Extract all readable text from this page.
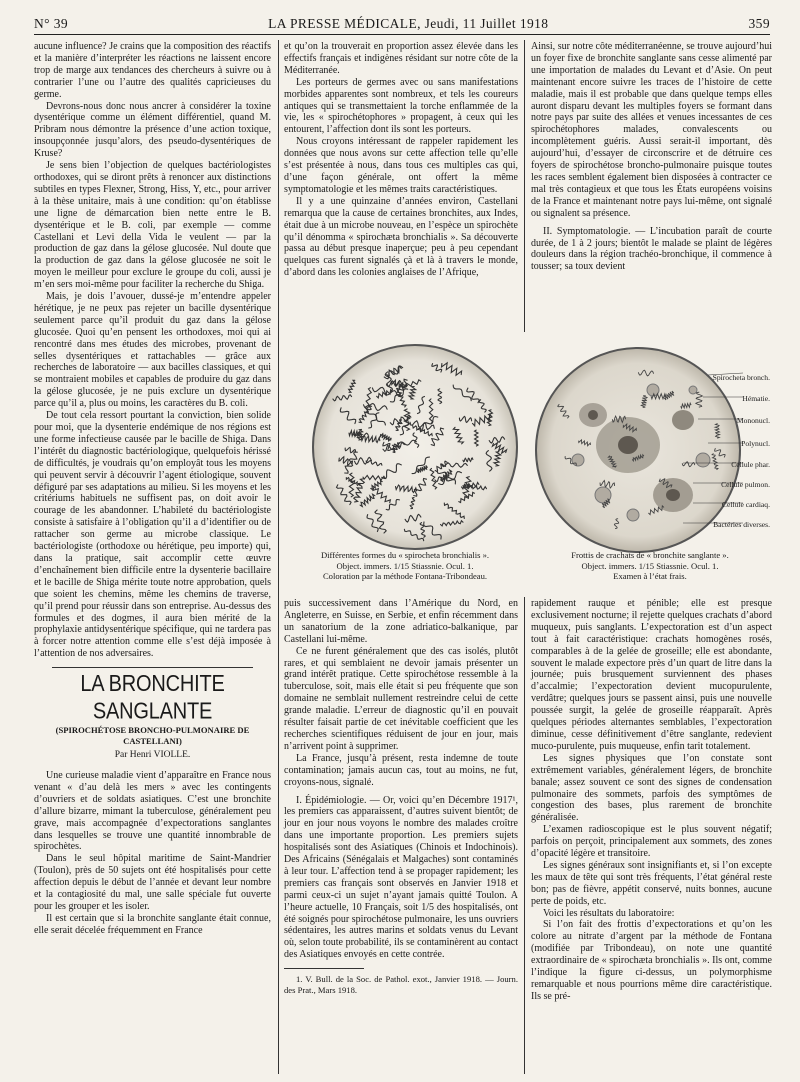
N° 39	LA PRESSE MÉDICALE, Jeudi, 11 Juillet 1918	359

aucune influence? Je crains que la composition des réactifs et la manière d’interpréter les réactions ne laissent encore trop de marge aux tendances des chercheurs à suivre ou à contrarier l’une ou l’autre des qualités capricieuses du germe.

Devrons-nous donc nous ancrer à considérer la toxine dysentérique comme un élément différentiel, quand M. Pribram nous démontre la présence d’une action toxique, insoupçonnée jusqu’alors, des pseudo-dysentériques de Kruse?

Je sens bien l’objection de quelques bactériologistes orthodoxes, qui se diront prêts à renoncer aux distinctions subtiles en types Flexner, Strong, Hiss, Y, etc., pour arriver à la thèse unitaire, mais à une condition: qu’on établisse une ligne de démarcation bien nette entre le B. dysentérique et le B. coli, par exemple — comme Castellani et Levi della Vida le veulent — par la production de gaz dans la gélose glucosée. Nul doute que la production de gaz dans la gélose glucosée ne soit le moyen le meilleur pour exclure le groupe du coli, aussi je m’en sers moi-même pour faciliter la recherche du Shiga.

Mais, je dois l’avouer, dussé-je m’entendre appeler hérétique, je ne peux pas rejeter un bacille dysentérique seulement parce qu’il produit du gaz dans la gélose glucosée. Quoi qu’en pensent les orthodoxes, moi qui ai rencontré dans mes études des microbes, provenant de selles dysentériques et rattachables — grâce aux recherches de laboratoire — aux bacilles classiques, et qui se montraient mobiles et capables de produire du gaz dans la gélose glucosée, je ne puis exclure un dysentérique parce qu’il a, plus ou moins, les caractères du B. coli.

De tout cela ressort pourtant la conviction, bien solide pour moi, que la dysenterie endémique de nos régions est une forme infectieuse causée par le bacille de Shiga. Dans l’intérêt du diagnostic bactériologique, quelquefois hérissé de difficultés, je voudrais qu’on employât tous les moyens qui peuvent servir à découvrir l’agent étiologique, souvent défiguré par ses adaptations au milieu. Si les moyens et les critériums habituels ne suffisent pas, on doit avoir le courage de les abandonner. L’habileté du bactériologiste consiste à satisfaire à l’obligation qu’il a d’identifier ou de rattacher son germe au microbe classique. Le bactériologiste (orthodoxe ou hérétique, peu importe) qui, dans la pratique, sait accomplir cette œuvre d’enchaînement bien difficile entre la dysenterie bacillaire et le bacille de Shiga mérite toute notre approbation, quels que soient les chemins, même les chemins de traverse, qu’il prend pour réussir dans son entreprise. Au-dessus des formules et des dogmes, il aura bien mérité de la prophylaxie antidysentérique spécifique, qui ne tardera pas à forcer notre attention comme elle s’est déjà imposée à l’attention de nos adversaires.

LA BRONCHITE SANGLANTE
(SPIROCHÉTOSE BRONCHO-PULMONAIRE DE CASTELLANI)
Par Henri VIOLLE.

Une curieuse maladie vient d’apparaître en France nous venant « d’au delà les mers » avec les contingents d’ouvriers et de soldats asiatiques. C’est une bronchite d’allure bizarre, mimant la tuberculose, généralement peu grave, mais accompagnée d’expectorations sanglantes dans lesquelles se trouve une quantité innombrable de spirochètes.

Dans le seul hôpital maritime de Saint-Mandrier (Toulon), près de 50 sujets ont été hospitalisés pour cette affection depuis le début de l’année et devant leur nombre et la contagiosité du mal, une salle spéciale fut ouverte pour les grouper et les isoler.

Il est certain que si la bronchite sanglante était connue, elle serait décelée fréquemment en France

et qu’on la trouverait en proportion assez élevée dans les effectifs français et indigènes résidant sur notre côte de la Méditerranée.

Les porteurs de germes avec ou sans manifestations morbides apparentes sont nombreux, et tels les coureurs antiques qui se transmettaient la torche enflammée de la vie, les « spirochétophores » propagent, à ceux qui les entourent, l’affection dont ils sont les porteurs.

Nous croyons intéressant de rappeler rapidement les données que nous avons sur cette affection telle qu’elle s’est présentée à nous, dans tous ces multiples cas qui, d’une façon générale, ont offert la même symptomatologie et les mêmes traits caractéristiques.

Il y a une quinzaine d’années environ, Castellani remarqua que la cause de certaines bronchites, aux Indes, était due à un microbe nouveau, en l’espèce un spirochète qu’il dénomma « spirochæta bronchialis ». Sa découverte passa au début presque inaperçue; peu à peu cependant quelques cas furent signalés çà et là à travers le monde, d’abord dans les colonies anglaises de l’Afrique,

Ainsi, sur notre côte méditerranéenne, se trouve aujourd’hui un foyer fixe de bronchite sanglante sans cesse alimenté par une importation de malades du Levant et d’Asie. On peut maintenant encore suivre les traces de l’histoire de cette maladie, mais il est probable que dans quelque temps elles auront disparu devant les multiples foyers se formant dans notre pays par suite des allées et venues incessantes de ces spirochétophores malades, convalescents ou incomplètement guéris. Aussi serait-il important, dès aujourd’hui, d’essayer de circonscrire et de détruire ces foyers de spirochétose broncho-pulmonaire puisque toutes les races semblent également bien disposées à contracter ce mal très contagieux et que tous les États européens voisins de la France et maintenant notre pays lui-même, ont signalé ou signalent sa présence.

II. Symptomatologie. — L’incubation paraît de courte durée, de 1 à 2 jours; bientôt le malade se plaint de légères douleurs dans la région trachéo-bronchique, il commence à tousser; sa toux devient

Différentes formes du « spirocheta bronchialis ».
Object. immers. 1/15 Stiassnie. Ocul. 1.
Coloration par la méthode Fontana-Tribondeau.
Spirocheta bronch.
Hématie.
Mononucl.
Polynucl.
Cellule phar.
Cellule pulmon.
Cellule cardiaq.
Bactéries diverses.
Frottis de crachats de « bronchite sanglante ».
Object. immers. 1/15 Stiassnie. Ocul. 1.
Examen à l’état frais.

puis successivement dans l’Amérique du Nord, en Angleterre, en Suisse, en Serbie, et enfin récemment dans un sanatorium de la zone adriatico-balkanique, par Castellani lui-même.

Ce ne furent généralement que des cas isolés, plutôt rares, et qui semblaient ne devoir jamais présenter un grand intérêt pratique. Cette spirochétose ressemble à la tuberculose, soit, mais elle était si peu fréquente que son domaine ne semblait nullement restreindre celui de cette grande maladie. L’erreur de diagnostic qu’il en pouvait résulter faisait partie de cet inévitable coefficient que les recherches scientifiques réduisent de jour en jour, mais n’arrivent point à supprimer.

La France, jusqu’à présent, resta indemne de toute contamination; jamais aucun cas, tout au moins, ne fut, croyons-nous, signalé.

I. Épidémiologie. — Or, voici qu’en Décembre 1917¹, les premiers cas apparaissent, d’autres suivent bientôt; de jour en jour nous voyons le nombre des malades croître dans une importante proportion. Les premiers sujets hospitalisés sont des Asiatiques (Chinois et Indochinois). Des Africains (Sénégalais et Malgaches) sont contaminés à leur tour. L’affection tend à se propager rapidement; les premiers cas français sont observés en Janvier 1918 et parmi ceux-ci un sujet n’ayant jamais quitté Toulon. A l’heure actuelle, 10 Français, soit 1/5 des hospitalisés, ont été soignés pour spirochétose pulmonaire, les uns ouvriers sédentaires, les autres marins et soldats venus du Levant où, selon toute probabilité, ils se contaminèrent au contact des Asiatiques envoyés en cette contrée.

1. V. Bull. de la Soc. de Pathol. exot., Janvier 1918. — Journ. des Prat., Mars 1918.

rapidement rauque et pénible; elle est presque exclusivement nocturne; il rejette quelques crachats d’abord muqueux, puis sanglants. L’expectoration est d’un aspect tout à fait caractéristique: crachats homogènes rosés, comparables à de la gelée de groseille; elle est abondante, souvent le malade expectore près d’un quart de litre dans la journée; puis brusquement surviennent des phases d’accalmie; l’expectoration devient mucopurulente, verdâtre; quelques jours se passent ainsi, puis une nouvelle poussée surgit, la gelée de groseille réapparaît. Après quelques périodes alternantes semblables, l’expectoration diminue, cesse définitivement d’être sanglante, redevient muco-purulente, puis muqueuse, enfin tarit totalement.

Les signes physiques que l’on constate sont extrêmement variables, généralement légers, de bronchite banale; assez souvent ce sont des signes de condensation pulmonaire des sommets, parfois des symptômes de congestion des bases, plus rarement de bronchite généralisée.

L’examen radioscopique est le plus souvent négatif; parfois on perçoit, principalement aux sommets, des zones d’opacité légère et transitoire.

Les signes généraux sont insignifiants et, si l’on excepte les maux de tête qui sont très fréquents, l’état général reste bon; pas de fièvre, appétit conservé, nuits bonnes, aucune perte de poids, etc.

Voici les résultats du laboratoire:

Si l’on fait des frottis d’expectorations et qu’on les colore au nitrate d’argent par la méthode de Fontana (modifiée par Tribondeau), on note une quantité extraordinaire de « spirochæta bronchialis ». Ils ont, comme l’indique la figure ci-dessus, un polymorphisme remarquable et nous pourrions même dire caractéristique. Ils se pré-
